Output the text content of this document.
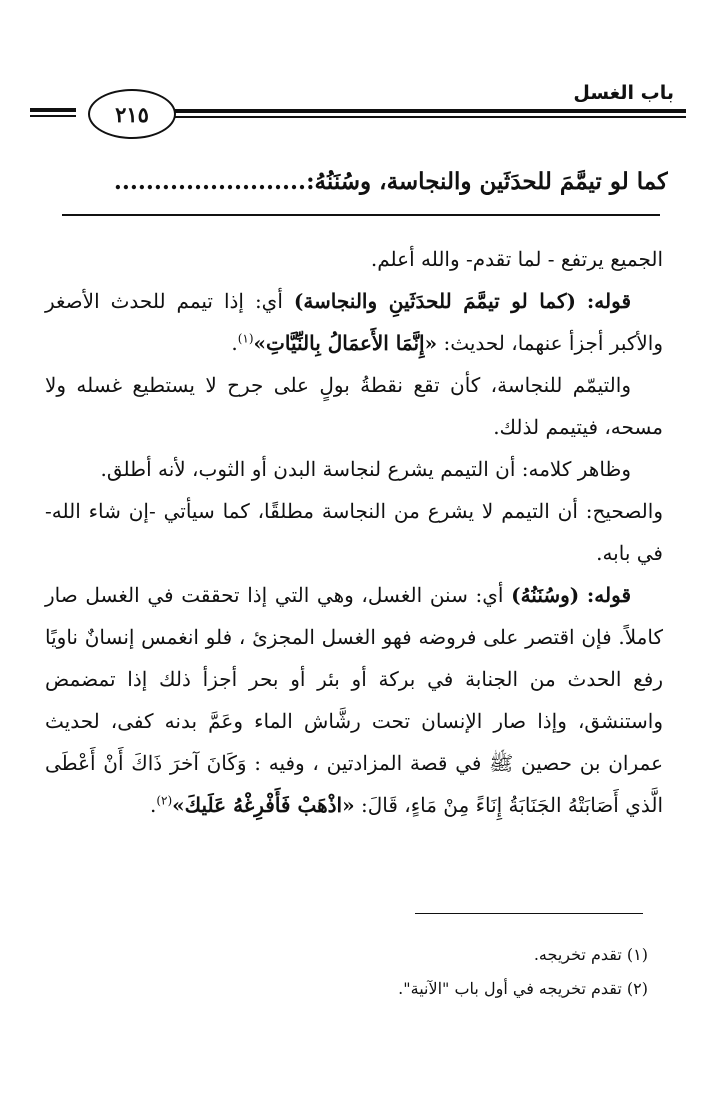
باب الغسل
٢١٥
كما لو تيمَّمَ للحدَثَينِ والنجاسة، وسُنَنُهُ:........................

الجميع يرتفع - لما تقدم- والله أعلم.

قوله: (كما لو تيمَّمَ للحدَثَينِ والنجاسة) أي: إذا تيمم للحدث الأصغر والأكبر أجزأ عنهما، لحديث: «إِنَّمَا الأَعمَالُ بِالنِّيَّاتِ»$^{(١)}$.

والتيمّم للنجاسة، كأن تقع نقطةُ بولٍ على جرح لا يستطيع غسله ولا مسحه، فيتيمم لذلك.

وظاهر كلامه: أن التيمم يشرع لنجاسة البدن أو الثوب، لأنه أطلق.

والصحيح: أن التيمم لا يشرع من النجاسة مطلقًا، كما سيأتي -إن شاء الله- في بابه.

قوله: (وسُنَنُهُ) أي: سنن الغسل، وهي التي إذا تحققت في الغسل صار كاملاً. فإن اقتصر على فروضه فهو الغسل المجزئ ، فلو انغمس إنسانٌ ناويًا رفع الحدث من الجنابة في بركة أو بئر أو بحر أجزأ ذلك إذا تمضمض واستنشق، وإذا صار الإنسان تحت رشَّاش الماء وعَمَّ بدنه كفى، لحديث عمران بن حصين ﷺ في قصة المزادتين ، وفيه : وَكَانَ آخرَ ذَاكَ أَنْ أَعْطَى الَّذي أَصَابَتْهُ الجَنَابَةُ إِنَاءً مِنْ مَاءٍ، قَالَ: «اذْهَبْ فَأَفْرِغْهُ عَلَيكَ»$^{(٢)}$.

(١) تقدم تخريجه.
(٢) تقدم تخريجه في أول باب "الآنية".
